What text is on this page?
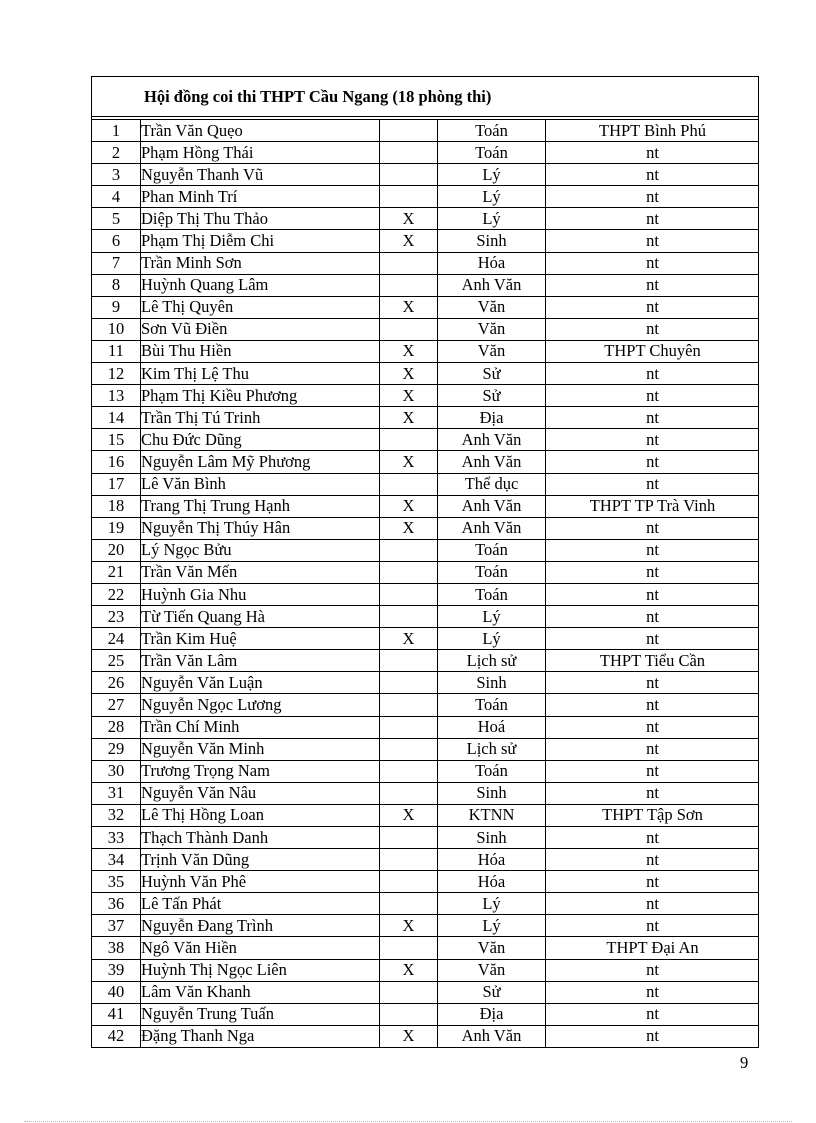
Hội đồng coi thi THPT Cầu Ngang (18 phòng thi)
1	Trần Văn Quẹo		Toán	THPT Bình Phú
2	Phạm Hồng Thái		Toán	nt
3	Nguyễn Thanh Vũ		Lý	nt
4	Phan Minh Trí		Lý	nt
5	Diệp Thị Thu Thảo	X	Lý	nt
6	Phạm Thị Diễm Chi	X	Sinh	nt
7	Trần Minh Sơn		Hóa	nt
8	Huỳnh Quang Lâm		Anh Văn	nt
9	Lê Thị Quyên	X	Văn	nt
10	Sơn Vũ Điền		Văn	nt
11	Bùi Thu Hiền	X	Văn	THPT Chuyên
12	Kim Thị Lệ Thu	X	Sử	nt
13	Phạm Thị Kiều Phương	X	Sử	nt
14	Trần Thị Tú Trinh	X	Địa	nt
15	Chu Đức Dũng		Anh Văn	nt
16	Nguyễn Lâm Mỹ Phương	X	Anh Văn	nt
17	Lê Văn Bình		Thể dục	nt
18	Trang Thị Trung Hạnh	X	Anh Văn	THPT TP Trà Vinh
19	Nguyễn Thị Thúy Hân	X	Anh Văn	nt
20	Lý Ngọc Bửu		Toán	nt
21	Trần Văn Mến		Toán	nt
22	Huỳnh Gia Nhu		Toán	nt
23	Từ Tiến Quang Hà		Lý	nt
24	Trần Kim Huệ	X	Lý	nt
25	Trần Văn Lâm		Lịch sử	THPT Tiểu Cần
26	Nguyễn Văn Luận		Sinh	nt
27	Nguyễn Ngọc Lương		Toán	nt
28	Trần Chí Minh		Hoá	nt
29	Nguyễn Văn Minh		Lịch sử	nt
30	Trương Trọng Nam		Toán	nt
31	Nguyễn Văn Nâu		Sinh	nt
32	Lê Thị Hồng Loan	X	KTNN	THPT Tập Sơn
33	Thạch Thành Danh		Sinh	nt
34	Trịnh Văn Dũng		Hóa	nt
35	Huỳnh Văn Phê		Hóa	nt
36	Lê Tấn Phát		Lý	nt
37	Nguyễn Đang Trình	X	Lý	nt
38	Ngô Văn Hiền		Văn	THPT Đại An
39	Huỳnh Thị Ngọc Liên	X	Văn	nt
40	Lâm Văn Khanh		Sử	nt
41	Nguyễn Trung Tuấn		Địa	nt
42	Đặng Thanh Nga	X	Anh Văn	nt
9
